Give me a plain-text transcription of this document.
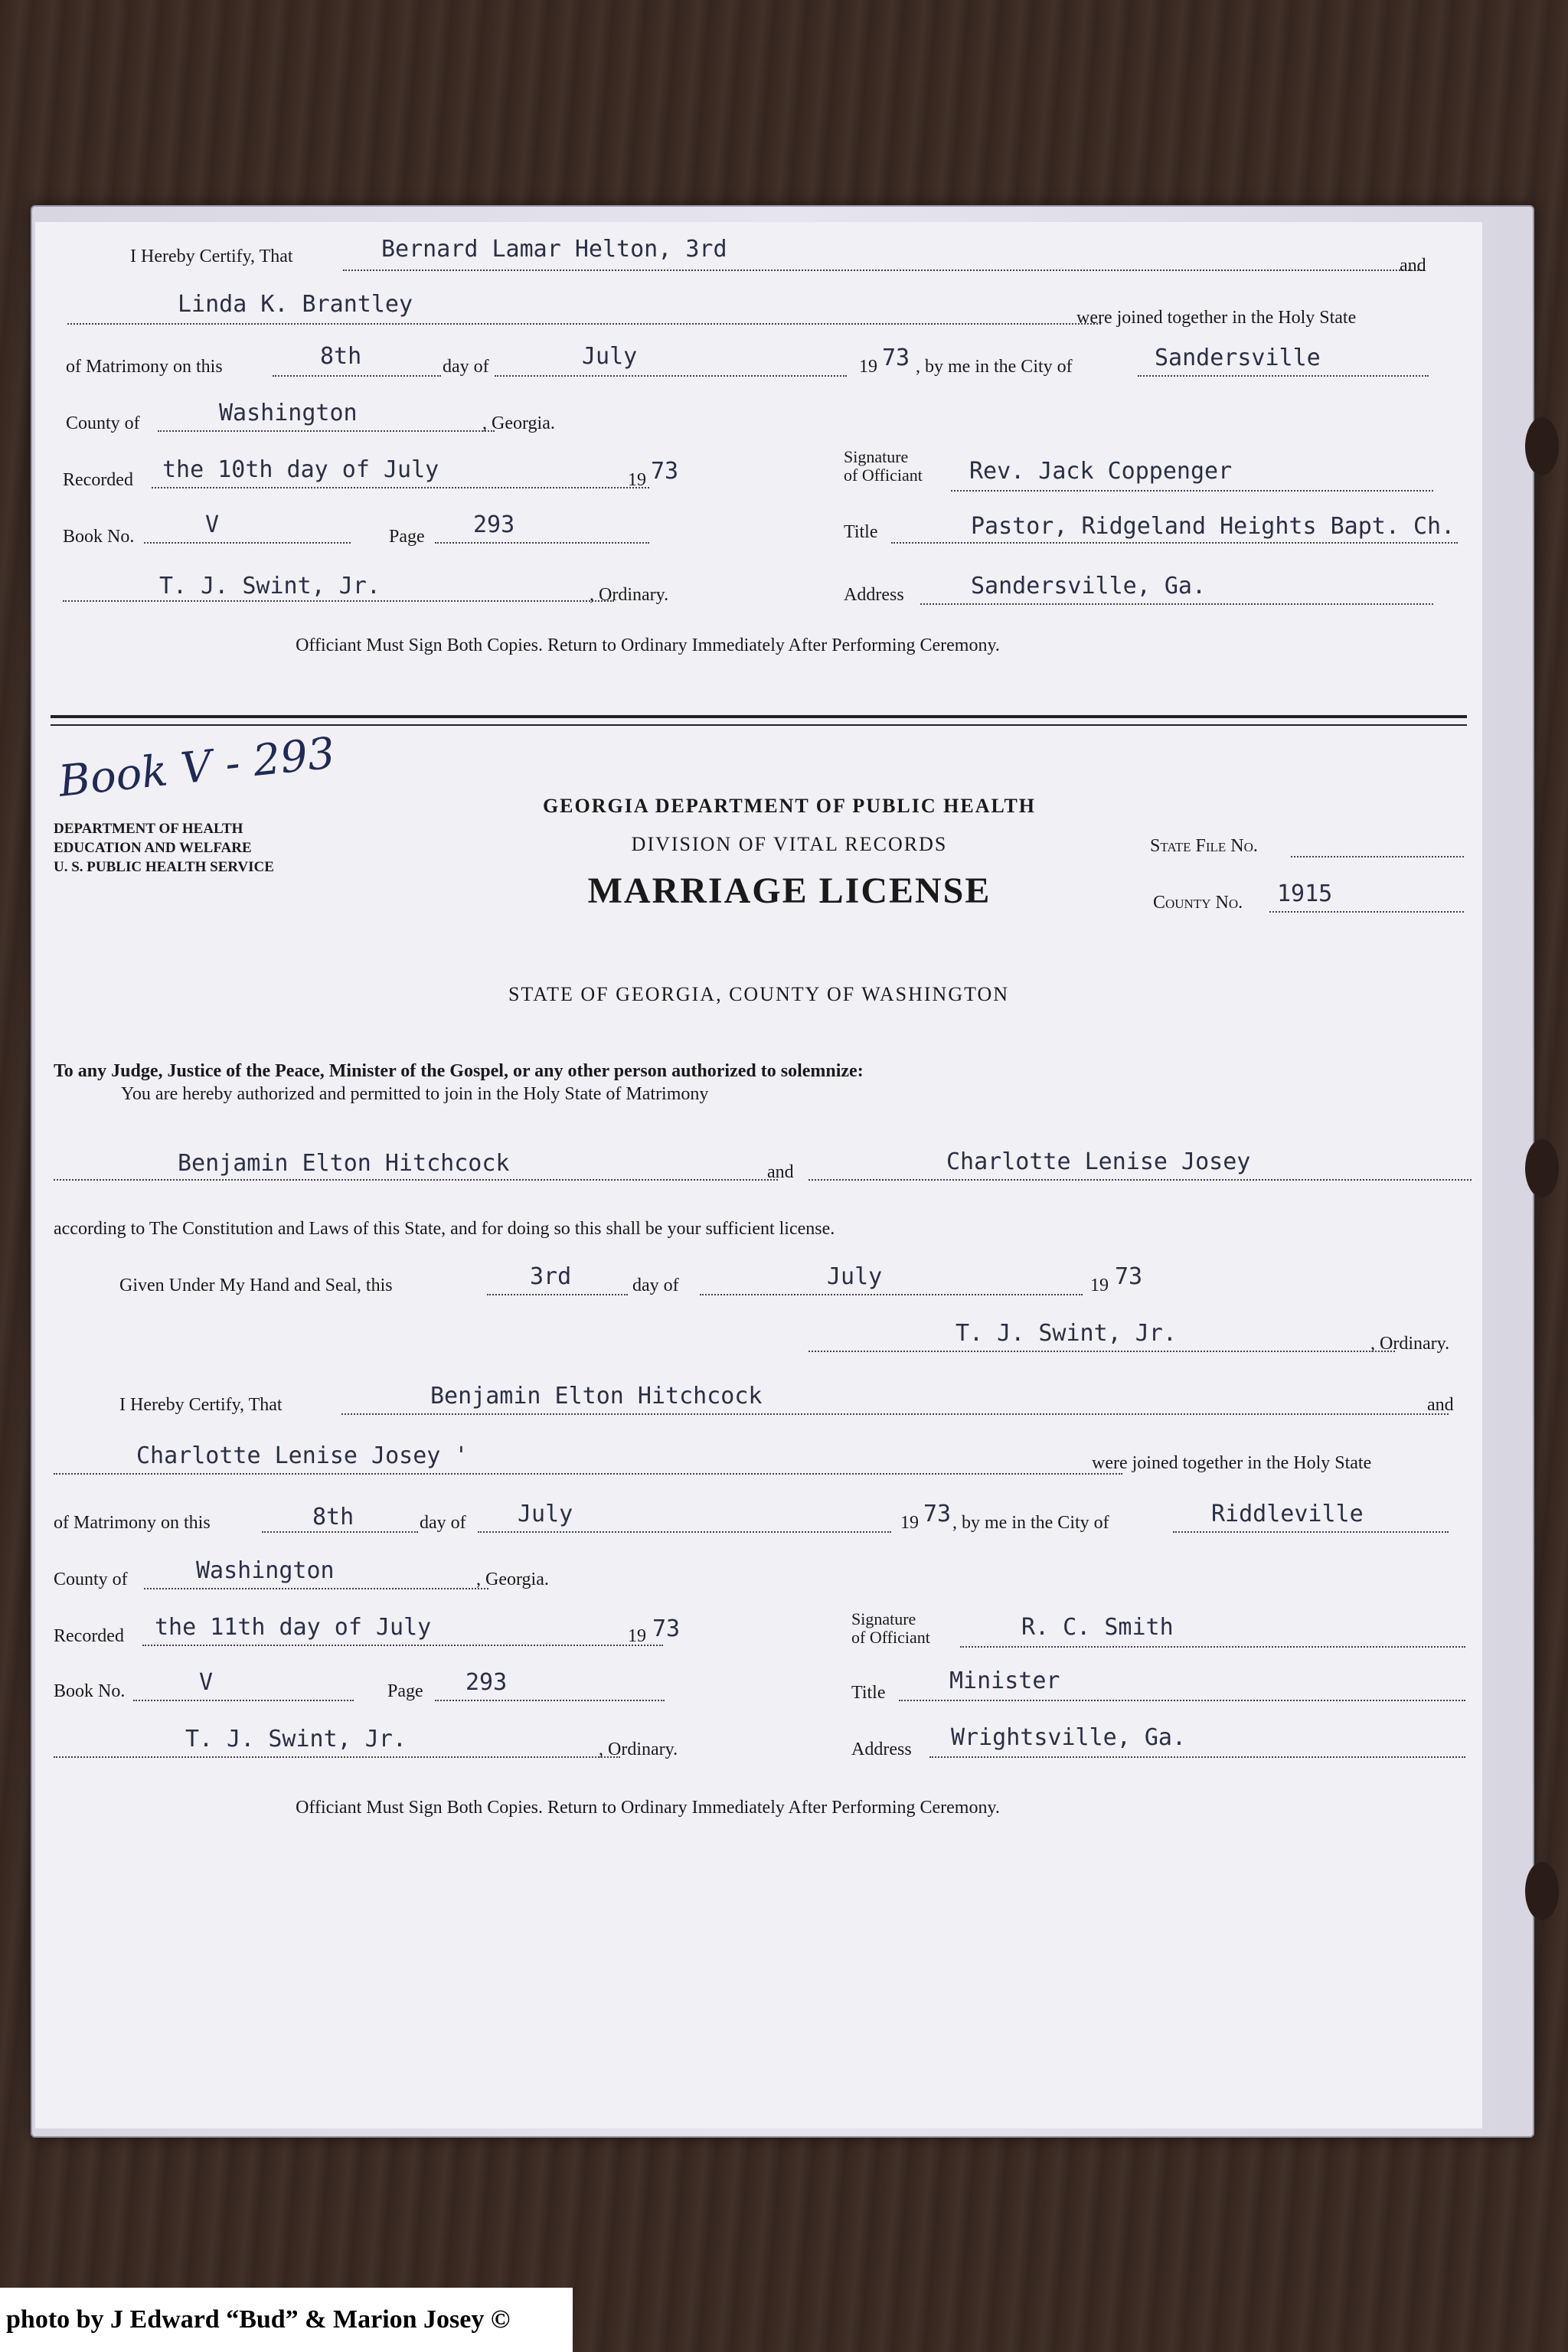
I Hereby Certify, That	Bernard Lamar Helton, 3rd
and
Linda K. Brantley	were joined together in the Holy State
of Matrimony on this	8th	day of	July	19 73 , by me in the City of	Sandersville
County of	Washington	, Georgia.
Recorded the 10th day of July	19 73
Signature
of Officiant Rev. Jack Coppenger
Book No.	V	Page 293	Title	Pastor, Ridgeland Heights Bapt. Ch.
T. J. Swint, Jr.	, Ordinary.	Address	Sandersville, Ga.
Officiant Must Sign Both Copies. Return to Ordinary Immediately After Performing Ceremony.
Book V - 293
DEPARTMENT OF HEALTH
EDUCATION AND WELFARE
U. S. PUBLIC HEALTH SERVICE
GEORGIA DEPARTMENT OF PUBLIC HEALTH
DIVISION OF VITAL RECORDS
MARRIAGE LICENSE
State File No.
County No. 1915
STATE OF GEORGIA, COUNTY OF WASHINGTON
To any Judge, Justice of the Peace, Minister of the Gospel, or any other person authorized to solemnize:
You are hereby authorized and permitted to join in the Holy State of Matrimony
Benjamin Elton Hitchcock	and	Charlotte Lenise Josey
according to The Constitution and Laws of this State, and for doing so this shall be your sufficient license.
Given Under My Hand and Seal, this	3rd	day of	July	19 73
T. J. Swint, Jr.	, Ordinary.
I Hereby Certify, That	Benjamin Elton Hitchcock	and
Charlotte Lenise Josey '	were joined together in the Holy State
of Matrimony on this	8th	day of July	19 73 , by me in the City of	Riddleville
County of	Washington	, Georgia.
Recorded the 11th day of July	19 73	Signature
of Officiant	R. C. Smith
Book No.	V	Page 293	Title	Minister
T. J. Swint, Jr.	, Ordinary.	Address Wrightsville, Ga.
Officiant Must Sign Both Copies. Return to Ordinary Immediately After Performing Ceremony.
photo by J Edward “Bud” & Marion Josey ©
